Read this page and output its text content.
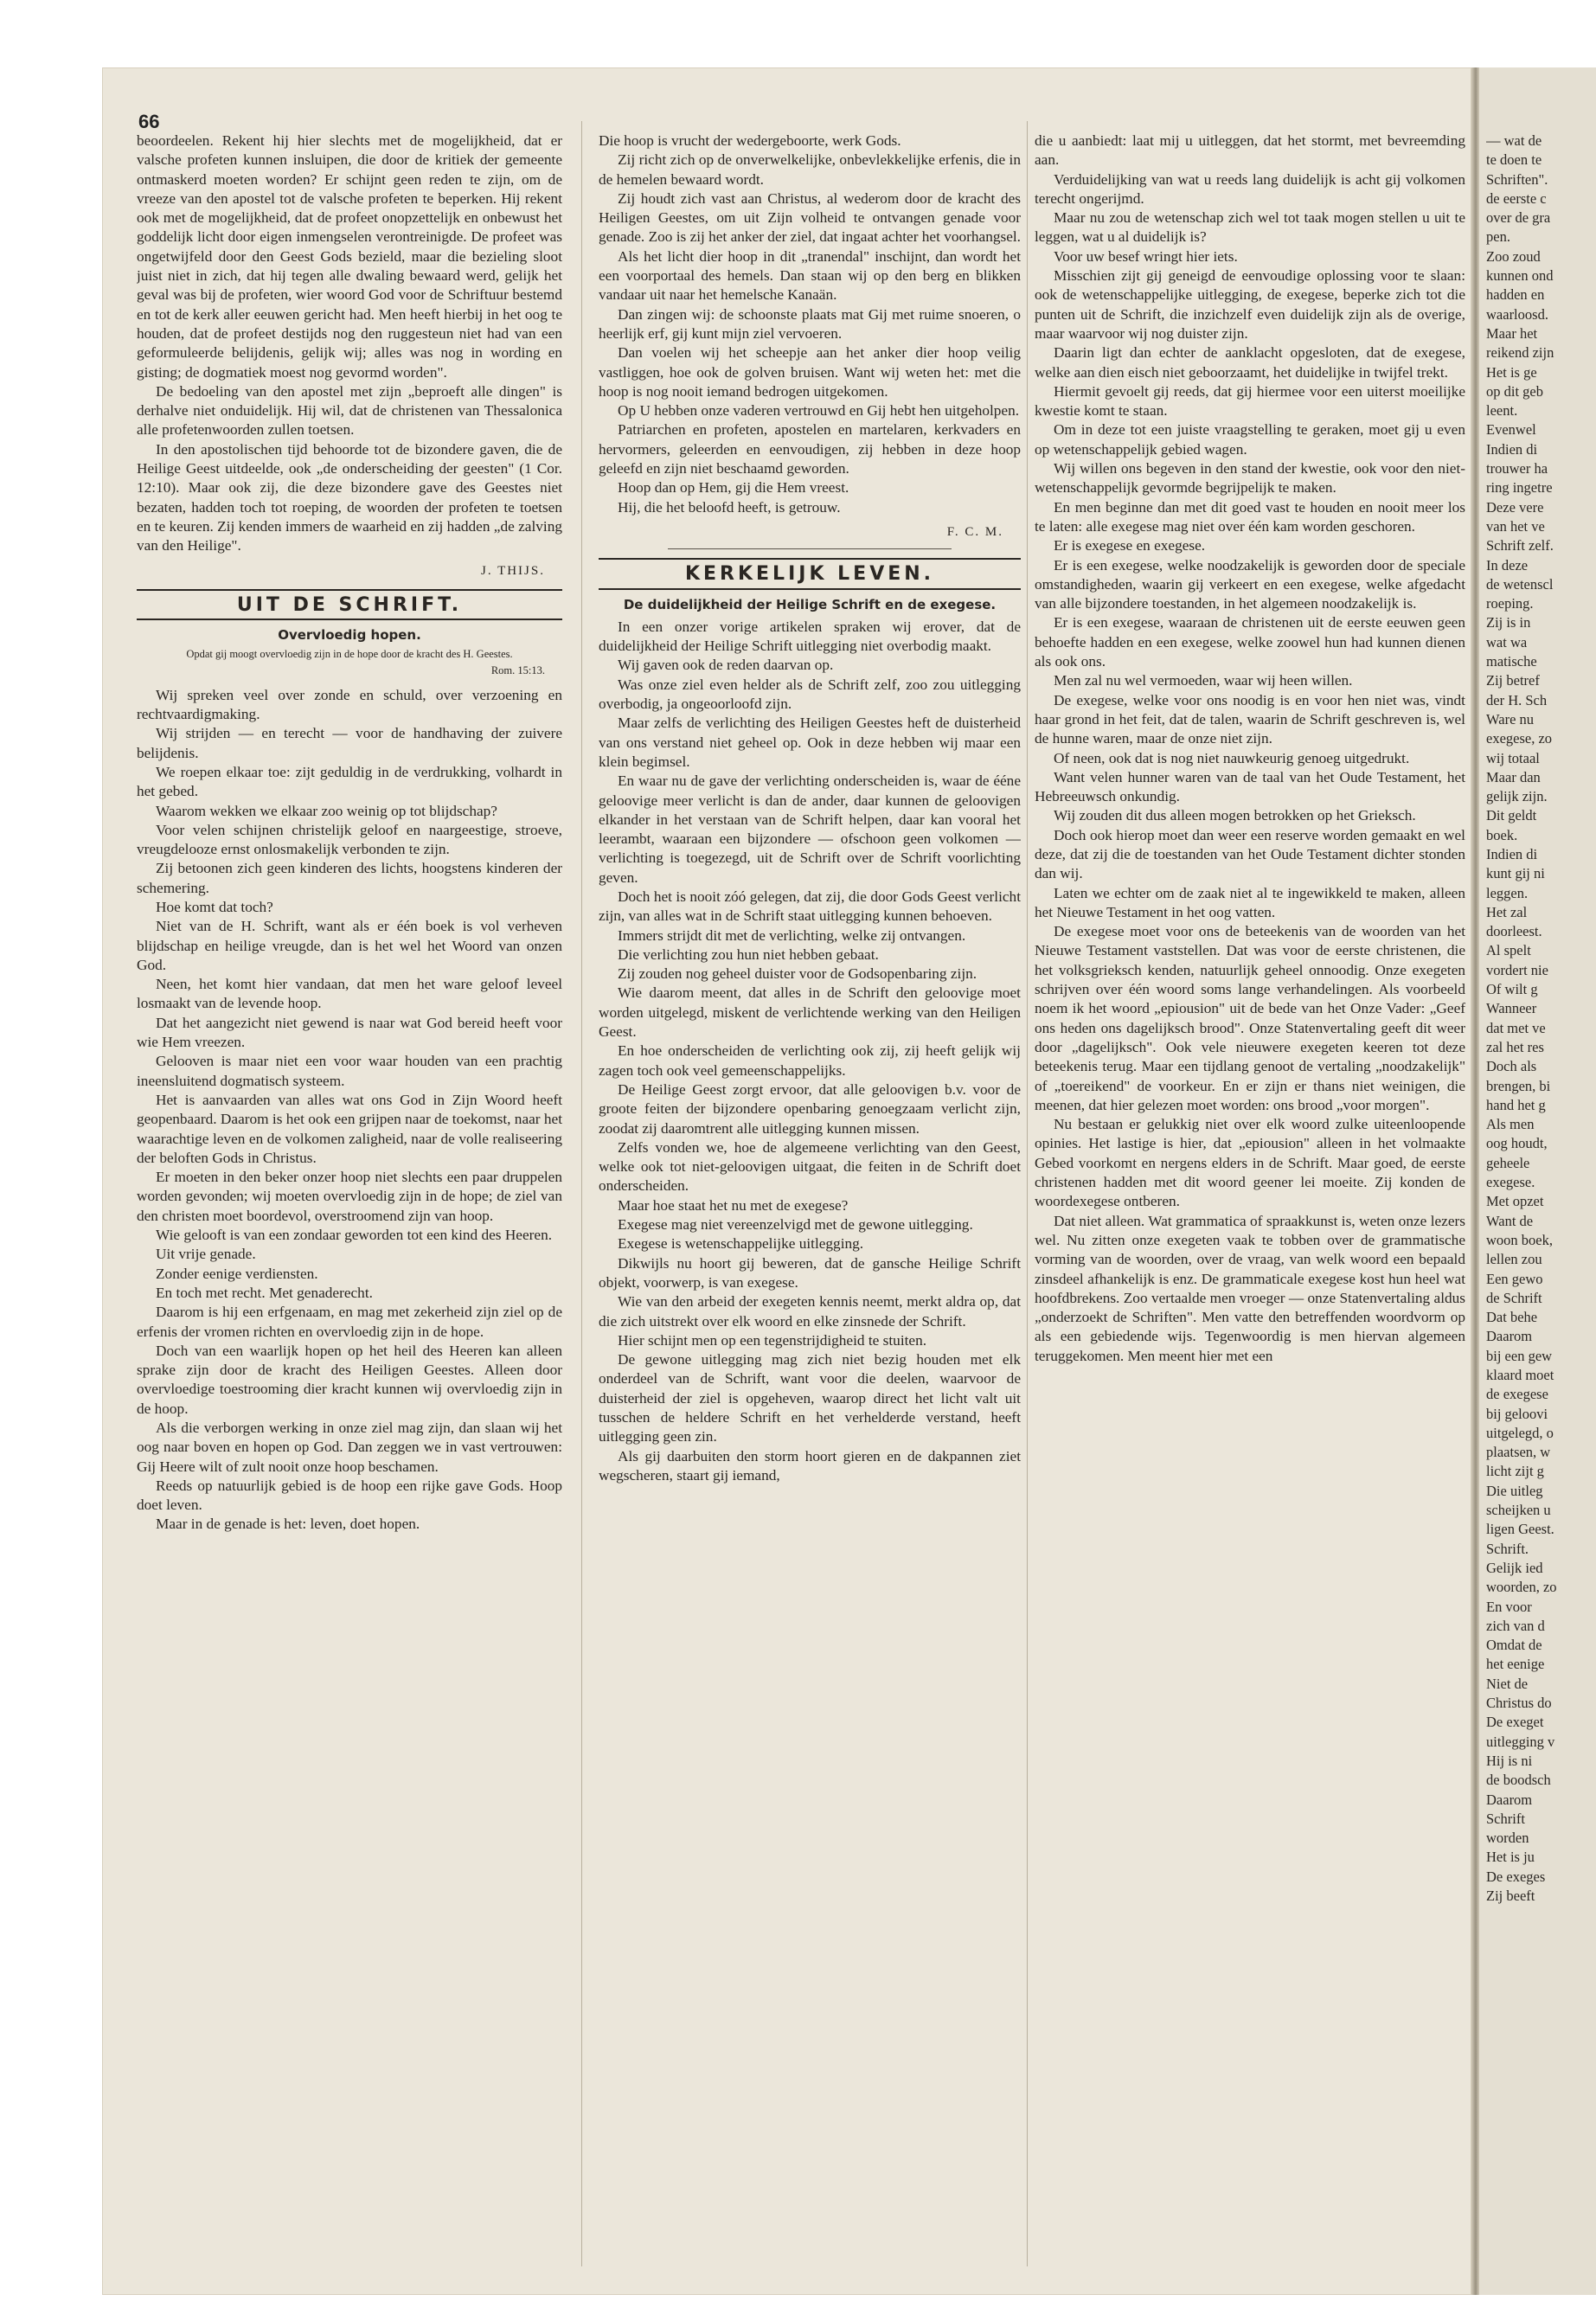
66

beoordeelen. Rekent hij hier slechts met de mogelijkheid, dat er valsche profeten kunnen insluipen, die door de kritiek der gemeente ontmaskerd moeten worden? Er schijnt geen reden te zijn, om de vreeze van den apostel tot de valsche profeten te beperken. Hij rekent ook met de mogelijkheid, dat de profeet onopzettelijk en onbewust het goddelijk licht door eigen inmengselen verontreinigde. De profeet was ongetwijfeld door den Geest Gods bezield, maar die bezieling sloot juist niet in zich, dat hij tegen alle dwaling bewaard werd, gelijk het geval was bij de profeten, wier woord God voor de Schriftuur bestemd en tot de kerk aller eeuwen gericht had. Men heeft hierbij in het oog te houden, dat de profeet destijds nog den ruggesteun niet had van een geformuleerde belijdenis, gelijk wij; alles was nog in wording en gisting; de dogmatiek moest nog gevormd worden".

De bedoeling van den apostel met zijn „beproeft alle dingen" is derhalve niet onduidelijk. Hij wil, dat de christenen van Thessalonica alle profetenwoorden zullen toetsen.

In den apostolischen tijd behoorde tot de bizondere gaven, die de Heilige Geest uitdeelde, ook „de onderscheiding der geesten" (1 Cor. 12:10). Maar ook zij, die deze bizondere gave des Geestes niet bezaten, hadden toch tot roeping, de woorden der profeten te toetsen en te keuren. Zij kenden immers de waarheid en zij hadden „de zalving van den Heilige".

J. THIJS.

UIT DE SCHRIFT.

Overvloedig hopen.

Opdat gij moogt overvloedig zijn in de hope door de kracht des H. Geestes.

Rom. 15:13.

Wij spreken veel over zonde en schuld, over verzoening en rechtvaardigmaking.

Wij strijden — en terecht — voor de handhaving der zuivere belijdenis.

We roepen elkaar toe: zijt geduldig in de verdrukking, volhardt in het gebed.

Waarom wekken we elkaar zoo weinig op tot blijdschap?

Voor velen schijnen christelijk geloof en naargeestige, stroeve, vreugdelooze ernst onlosmakelijk verbonden te zijn.

Zij betoonen zich geen kinderen des lichts, hoogstens kinderen der schemering.

Hoe komt dat toch?

Niet van de H. Schrift, want als er één boek is vol verheven blijdschap en heilige vreugde, dan is het wel het Woord van onzen God.

Neen, het komt hier vandaan, dat men het ware geloof leveel losmaakt van de levende hoop.

Dat het aangezicht niet gewend is naar wat God bereid heeft voor wie Hem vreezen.

Gelooven is maar niet een voor waar houden van een prachtig ineensluitend dogmatisch systeem.

Het is aanvaarden van alles wat ons God in Zijn Woord heeft geopenbaard. Daarom is het ook een grijpen naar de toekomst, naar het waarachtige leven en de volkomen zaligheid, naar de volle realiseering der beloften Gods in Christus.

Er moeten in den beker onzer hoop niet slechts een paar druppelen worden gevonden; wij moeten overvloedig zijn in de hope; de ziel van den christen moet boordevol, overstroomend zijn van hoop.

Wie gelooft is van een zondaar geworden tot een kind des Heeren.

Uit vrije genade.

Zonder eenige verdiensten.

En toch met recht. Met genaderecht.

Daarom is hij een erfgenaam, en mag met zekerheid zijn ziel op de erfenis der vromen richten en overvloedig zijn in de hope.

Doch van een waarlijk hopen op het heil des Heeren kan alleen sprake zijn door de kracht des Heiligen Geestes. Alleen door overvloedige toestrooming dier kracht kunnen wij overvloedig zijn in de hoop.

Als die verborgen werking in onze ziel mag zijn, dan slaan wij het oog naar boven en hopen op God. Dan zeggen we in vast vertrouwen: Gij Heere wilt of zult nooit onze hoop beschamen.

Reeds op natuurlijk gebied is de hoop een rijke gave Gods. Hoop doet leven.

Maar in de genade is het: leven, doet hopen.

Die hoop is vrucht der wedergeboorte, werk Gods.

Zij richt zich op de onverwelkelijke, onbevlekkelijke erfenis, die in de hemelen bewaard wordt.

Zij houdt zich vast aan Christus, al wederom door de kracht des Heiligen Geestes, om uit Zijn volheid te ontvangen genade voor genade. Zoo is zij het anker der ziel, dat ingaat achter het voorhangsel.

Als het licht dier hoop in dit „tranendal" inschijnt, dan wordt het een voorportaal des hemels. Dan staan wij op den berg en blikken vandaar uit naar het hemelsche Kanaän.

Dan zingen wij: de schoonste plaats mat Gij met ruime snoeren, o heerlijk erf, gij kunt mijn ziel vervoeren.

Dan voelen wij het scheepje aan het anker dier hoop veilig vastliggen, hoe ook de golven bruisen. Want wij weten het: met die hoop is nog nooit iemand bedrogen uitgekomen.

Op U hebben onze vaderen vertrouwd en Gij hebt hen uitgeholpen.

Patriarchen en profeten, apostelen en martelaren, kerkvaders en hervormers, geleerden en eenvoudigen, zij hebben in deze hoop geleefd en zijn niet beschaamd geworden.

Hoop dan op Hem, gij die Hem vreest.

Hij, die het beloofd heeft, is getrouw.

F. C. M.

KERKELIJK LEVEN.

De duidelijkheid der Heilige Schrift en de exegese.

In een onzer vorige artikelen spraken wij erover, dat de duidelijkheid der Heilige Schrift uitlegging niet overbodig maakt.

Wij gaven ook de reden daarvan op.

Was onze ziel even helder als de Schrift zelf, zoo zou uitlegging overbodig, ja ongeoorloofd zijn.

Maar zelfs de verlichting des Heiligen Geestes heft de duisterheid van ons verstand niet geheel op. Ook in deze hebben wij maar een klein begimsel.

En waar nu de gave der verlichting onderscheiden is, waar de ééne geloovige meer verlicht is dan de ander, daar kunnen de geloovigen elkander in het verstaan van de Schrift helpen, daar kan vooral het leerambt, waaraan een bijzondere — ofschoon geen volkomen — verlichting is toegezegd, uit de Schrift over de Schrift voorlichting geven.

Doch het is nooit zóó gelegen, dat zij, die door Gods Geest verlicht zijn, van alles wat in de Schrift staat uitlegging kunnen behoeven.

Immers strijdt dit met de verlichting, welke zij ontvangen.

Die verlichting zou hun niet hebben gebaat.

Zij zouden nog geheel duister voor de Godsopenbaring zijn.

Wie daarom meent, dat alles in de Schrift den geloovige moet worden uitgelegd, miskent de verlichtende werking van den Heiligen Geest.

En hoe onderscheiden de verlichting ook zij, zij heeft gelijk wij zagen toch ook veel gemeenschappelijks.

De Heilige Geest zorgt ervoor, dat alle geloovigen b.v. voor de groote feiten der bijzondere openbaring genoegzaam verlicht zijn, zoodat zij daaromtrent alle uitlegging kunnen missen.

Zelfs vonden we, hoe de algemeene verlichting van den Geest, welke ook tot niet-geloovigen uitgaat, die feiten in de Schrift doet onderscheiden.

Maar hoe staat het nu met de exegese?

Exegese mag niet vereenzelvigd met de gewone uitlegging.

Exegese is wetenschappelijke uitlegging.

Dikwijls nu hoort gij beweren, dat de gansche Heilige Schrift objekt, voorwerp, is van exegese.

Wie van den arbeid der exegeten kennis neemt, merkt aldra op, dat die zich uitstrekt over elk woord en elke zinsnede der Schrift.

Hier schijnt men op een tegenstrijdigheid te stuiten.

De gewone uitlegging mag zich niet bezig houden met elk onderdeel van de Schrift, want voor die deelen, waarvoor de duisterheid der ziel is opgeheven, waarop direct het licht valt uit tusschen de heldere Schrift en het verhelderde verstand, heeft uitlegging geen zin.

Als gij daarbuiten den storm hoort gieren en de dakpannen ziet wegscheren, staart gij iemand,

die u aanbiedt: laat mij u uitleggen, dat het stormt, met bevreemding aan.

Verduidelijking van wat u reeds lang duidelijk is acht gij volkomen terecht ongerijmd.

Maar nu zou de wetenschap zich wel tot taak mogen stellen u uit te leggen, wat u al duidelijk is?

Voor uw besef wringt hier iets.

Misschien zijt gij geneigd de eenvoudige oplossing voor te slaan: ook de wetenschappelijke uitlegging, de exegese, beperke zich tot die punten uit de Schrift, die inzichzelf even duidelijk zijn als de overige, maar waarvoor wij nog duister zijn.

Daarin ligt dan echter de aanklacht opgesloten, dat de exegese, welke aan dien eisch niet geboorzaamt, het duidelijke in twijfel trekt.

Hiermit gevoelt gij reeds, dat gij hiermee voor een uiterst moeilijke kwestie komt te staan.

Om in deze tot een juiste vraagstelling te geraken, moet gij u even op wetenschappelijk gebied wagen.

Wij willen ons begeven in den stand der kwestie, ook voor den niet-wetenschappelijk gevormde begrijpelijk te maken.

En men beginne dan met dit goed vast te houden en nooit meer los te laten: alle exegese mag niet over één kam worden geschoren.

Er is exegese en exegese.

Er is een exegese, welke noodzakelijk is geworden door de speciale omstandigheden, waarin gij verkeert en een exegese, welke afgedacht van alle bijzondere toestanden, in het algemeen noodzakelijk is.

Er is een exegese, waaraan de christenen uit de eerste eeuwen geen behoefte hadden en een exegese, welke zoowel hun had kunnen dienen als ook ons.

Men zal nu wel vermoeden, waar wij heen willen.

De exegese, welke voor ons noodig is en voor hen niet was, vindt haar grond in het feit, dat de talen, waarin de Schrift geschreven is, wel de hunne waren, maar de onze niet zijn.

Of neen, ook dat is nog niet nauwkeurig genoeg uitgedrukt.

Want velen hunner waren van de taal van het Oude Testament, het Hebreeuwsch onkundig.

Wij zouden dit dus alleen mogen betrokken op het Grieksch.

Doch ook hierop moet dan weer een reserve worden gemaakt en wel deze, dat zij die de toestanden van het Oude Testament dichter stonden dan wij.

Laten we echter om de zaak niet al te ingewikkeld te maken, alleen het Nieuwe Testament in het oog vatten.

De exegese moet voor ons de beteekenis van de woorden van het Nieuwe Testament vaststellen. Dat was voor de eerste christenen, die het volksgrieksch kenden, natuurlijk geheel onnoodig. Onze exegeten schrijven over één woord soms lange verhandelingen. Als voorbeeld noem ik het woord „epiousion" uit de bede van het Onze Vader: „Geef ons heden ons dagelijksch brood". Onze Statenvertaling geeft dit weer door „dagelijksch". Ook vele nieuwere exegeten keeren tot deze beteekenis terug. Maar een tijdlang genoot de vertaling „noodzakelijk" of „toereikend" de voorkeur. En er zijn er thans niet weinigen, die meenen, dat hier gelezen moet worden: ons brood „voor morgen".

Nu bestaan er gelukkig niet over elk woord zulke uiteenloopende opinies. Het lastige is hier, dat „epiousion" alleen in het volmaakte Gebed voorkomt en nergens elders in de Schrift. Maar goed, de eerste christenen hadden met dit woord geener lei moeite. Zij konden de woordexegese ontberen.

Dat niet alleen. Wat grammatica of spraakkunst is, weten onze lezers wel. Nu zitten onze exegeten vaak te tobben over de grammatische vorming van de woorden, over de vraag, van welk woord een bepaald zinsdeel afhankelijk is enz. De grammaticale exegese kost hun heel wat hoofdbrekens. Zoo vertaalde men vroeger — onze Statenvertaling aldus „onderzoekt de Schriften". Men vatte den betreffenden woordvorm op als een gebiedende wijs. Tegenwoordig is men hiervan algemeen teruggekomen. Men meent hier met een

— wat de
te doen te
Schriften".
de eerste c
over de gra
pen.
Zoo zoud
kunnen ond
hadden en
waarloosd.
Maar het
reikend zijn
Het is ge
op dit geb
leent.
Evenwel
Indien di
trouwer ha
ring ingetre
Deze vere
van het ve
Schrift zelf.
In deze
de wetenscl
roeping.
Zij is in
wat wa
matische
Zij betref
der H. Sch
Ware nu
exegese, zo
wij totaal
Maar dan
gelijk zijn.
Dit geldt
boek.
Indien di
kunt gij ni
leggen.
Het zal
doorleest.
Al spelt
vordert nie
Of wilt g
Wanneer
dat met ve
zal het res
Doch als
brengen, bi
hand het g
Als men
oog houdt,
geheele
exegese.
Met opzet
Want de
woon boek,
lellen zou
Een gewo
de Schrift
Dat behe
Daarom
bij een gew
klaard moet
de exegese
bij geloovi
uitgelegd, o
plaatsen, w
licht zijt g
Die uitleg
scheijken u
ligen Geest.
Schrift.
Gelijk ied
woorden, zo
En voor
zich van d
Omdat de
het eenige
Niet de
Christus do
De exeget
uitlegging v
Hij is ni
de boodsch
Daarom
Schrift
worden
Het is ju
De exeges
Zij beeft
